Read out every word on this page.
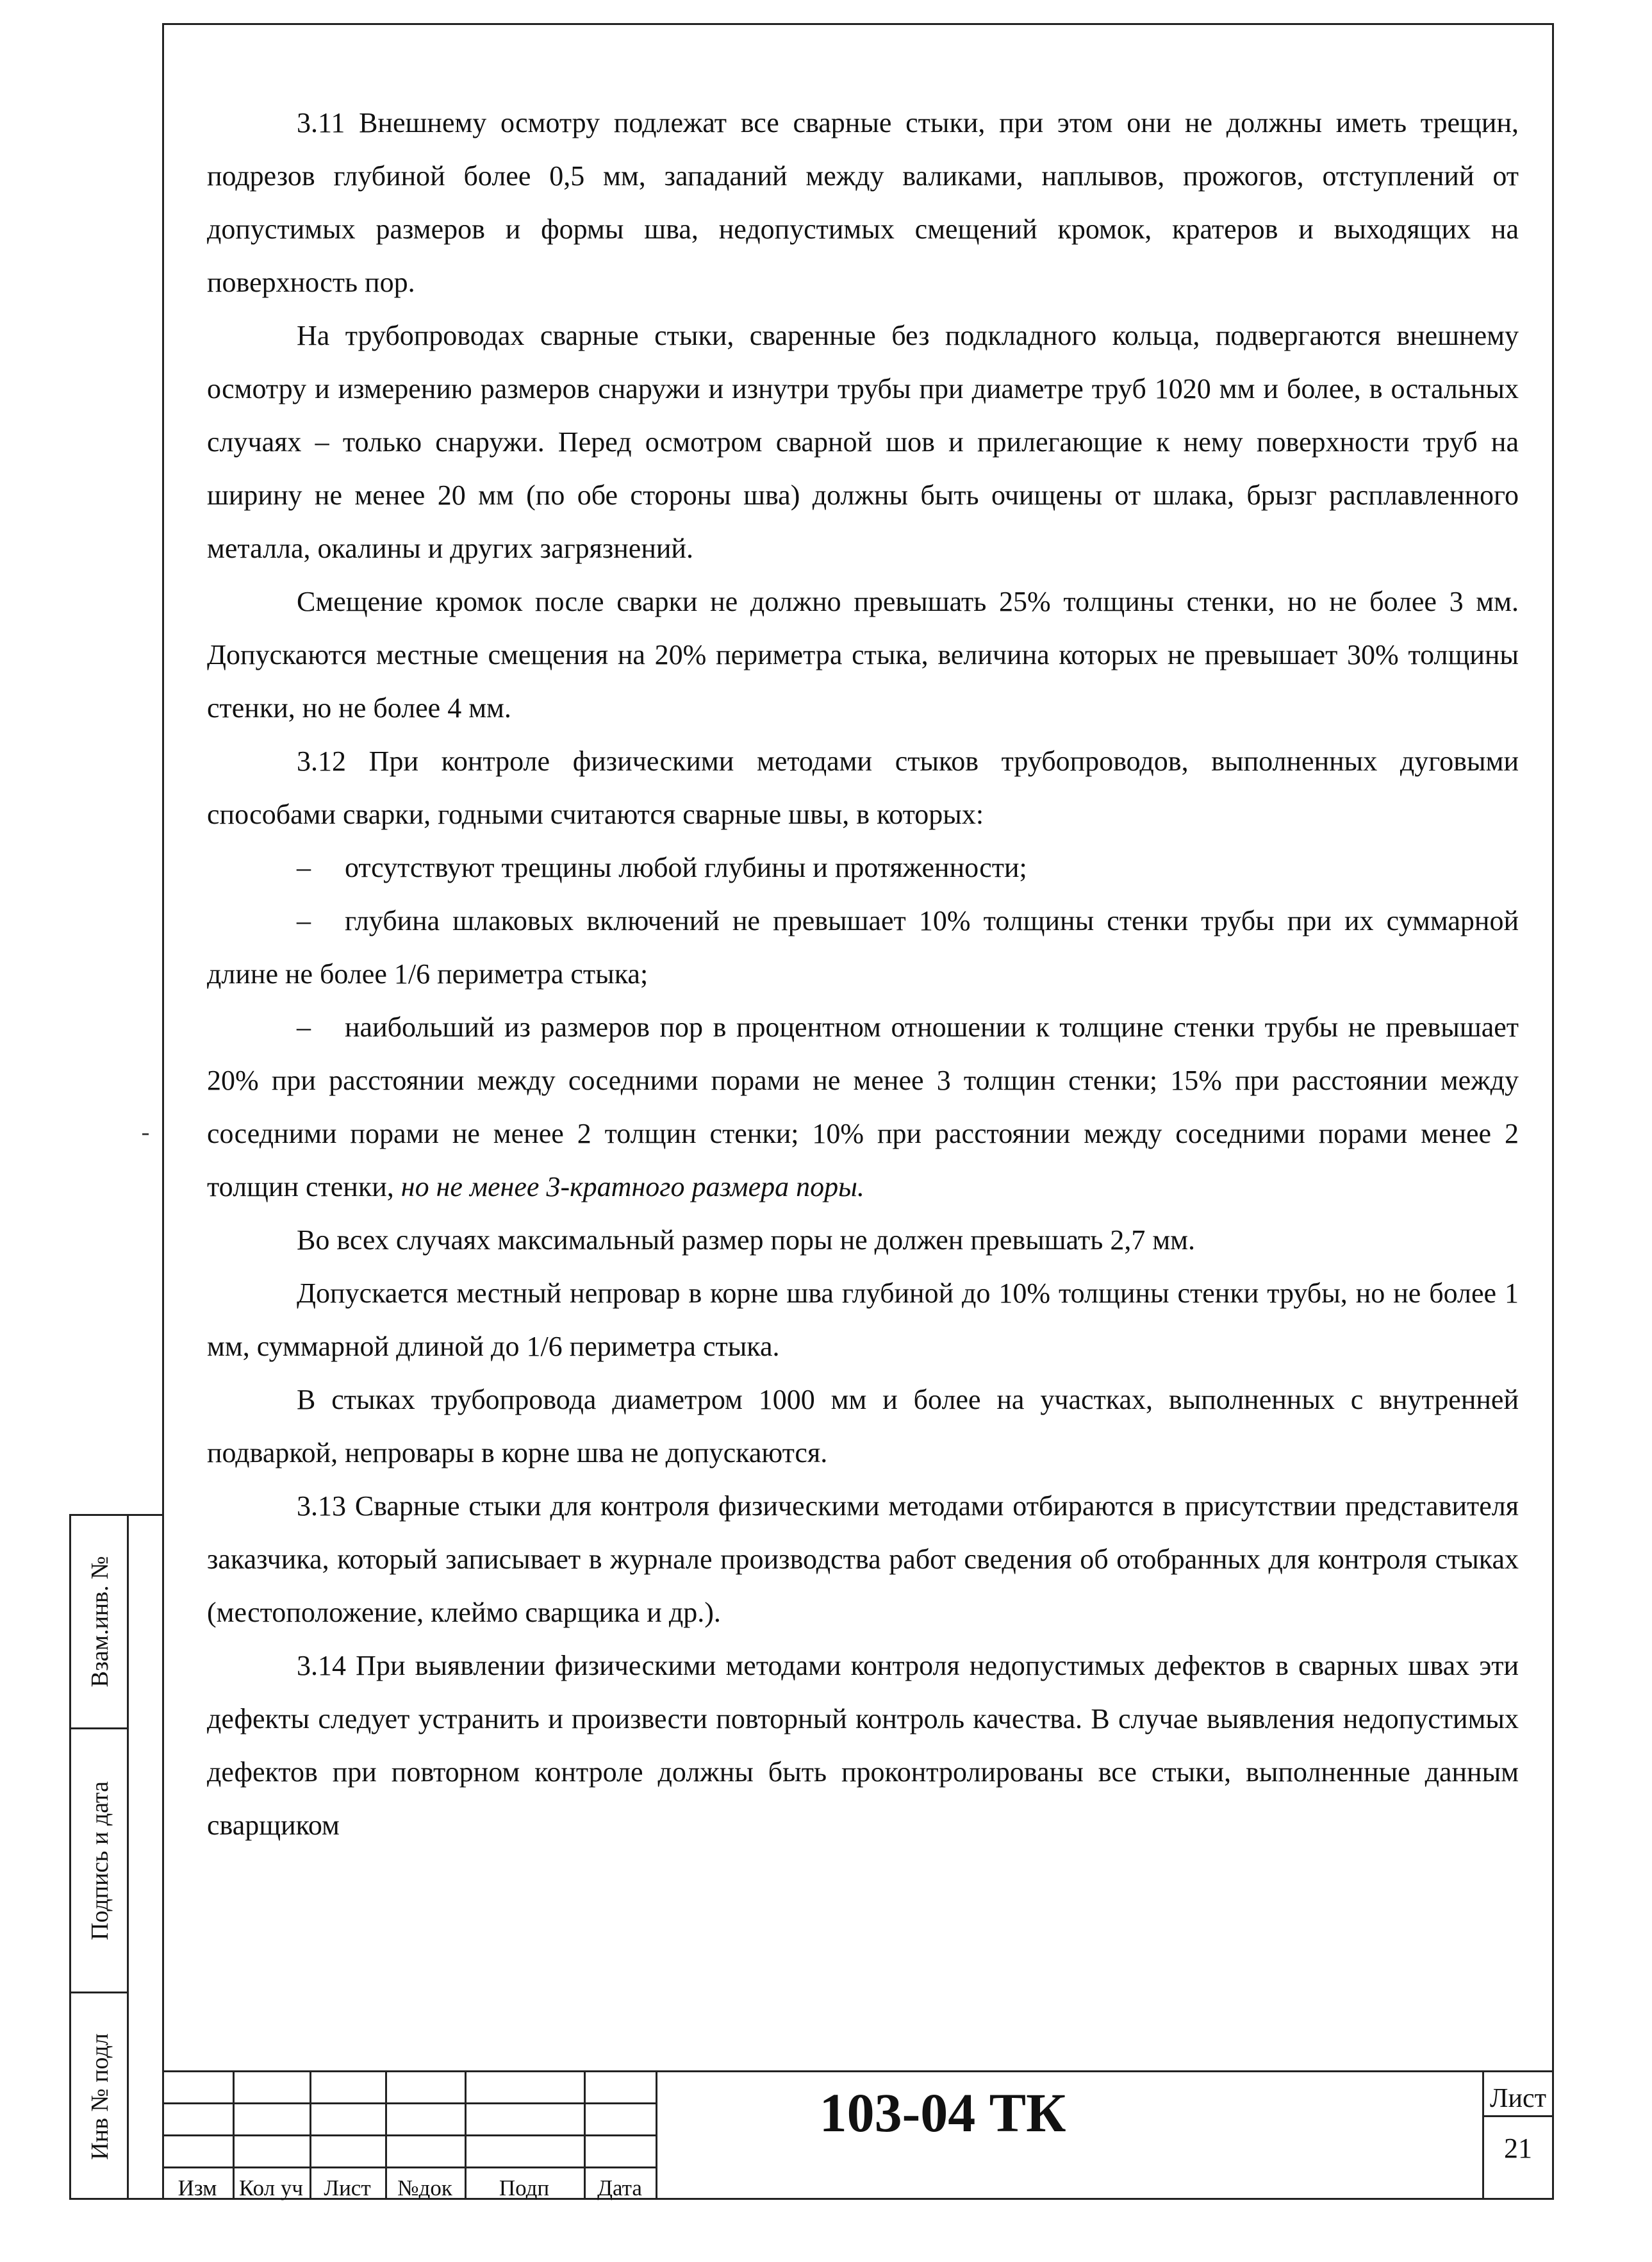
3.11 Внешнему осмотру подлежат все сварные стыки, при этом они не должны иметь трещин, подрезов глубиной более 0,5 мм, западаний между валиками, наплывов, прожогов, отступлений от допустимых размеров и формы шва, недопустимых смещений кромок, кратеров и выходящих на поверхность пор.

На трубопроводах сварные стыки, сваренные без подкладного кольца, подвергаются внешнему осмотру и измерению размеров снаружи и изнутри трубы при диаметре труб 1020 мм и более, в остальных случаях – только снаружи. Перед осмотром сварной шов и прилегающие к нему поверхности труб на ширину не менее 20 мм (по обе стороны шва) должны быть очищены от шлака, брызг расплавленного металла, окалины и других загрязнений.

Смещение кромок после сварки не должно превышать 25% толщины стенки, но не более 3 мм. Допускаются местные смещения на 20% периметра стыка, величина которых не превышает 30% толщины стенки, но не более 4 мм.

3.12 При контроле физическими методами стыков трубопроводов, выполненных дуговыми способами сварки, годными считаются сварные швы, в которых:

– отсутствуют трещины любой глубины и протяженности;

– глубина шлаковых включений не превышает 10% толщины стенки трубы при их суммарной длине не более 1/6 периметра стыка;

– наибольший из размеров пор в процентном отношении к толщине стенки трубы не превышает 20% при расстоянии между соседними порами не менее 3 толщин стенки; 15% при расстоянии между соседними порами не менее 2 толщин стенки; 10% при расстоянии между соседними порами менее 2 толщин стенки, но не менее 3-кратного размера поры.

Во всех случаях максимальный размер поры не должен превышать 2,7 мм.

Допускается местный непровар в корне шва глубиной до 10% толщины стенки трубы, но не более 1 мм, суммарной длиной до 1/6 периметра стыка.

В стыках трубопровода диаметром 1000 мм и более на участках, выполненных с внутренней подваркой, непровары в корне шва не допускаются.

3.13 Сварные стыки для контроля физическими методами отбираются в присутствии представителя заказчика, который записывает в журнале производства работ сведения об отобранных для контроля стыках (местоположение, клеймо сварщика и др.).

3.14 При выявлении физическими методами контроля недопустимых дефектов в сварных швах эти дефекты следует устранить и произвести повторный контроль качества. В случае выявления недопустимых дефектов при повторном контроле должны быть проконтролированы все стыки, выполненные данным сварщиком

Взам.инв. №
Подпись и дата
Инв № подл
Изм Кол уч Лист	№док	Подп	Дата
103-04 ТК	Лист
21
